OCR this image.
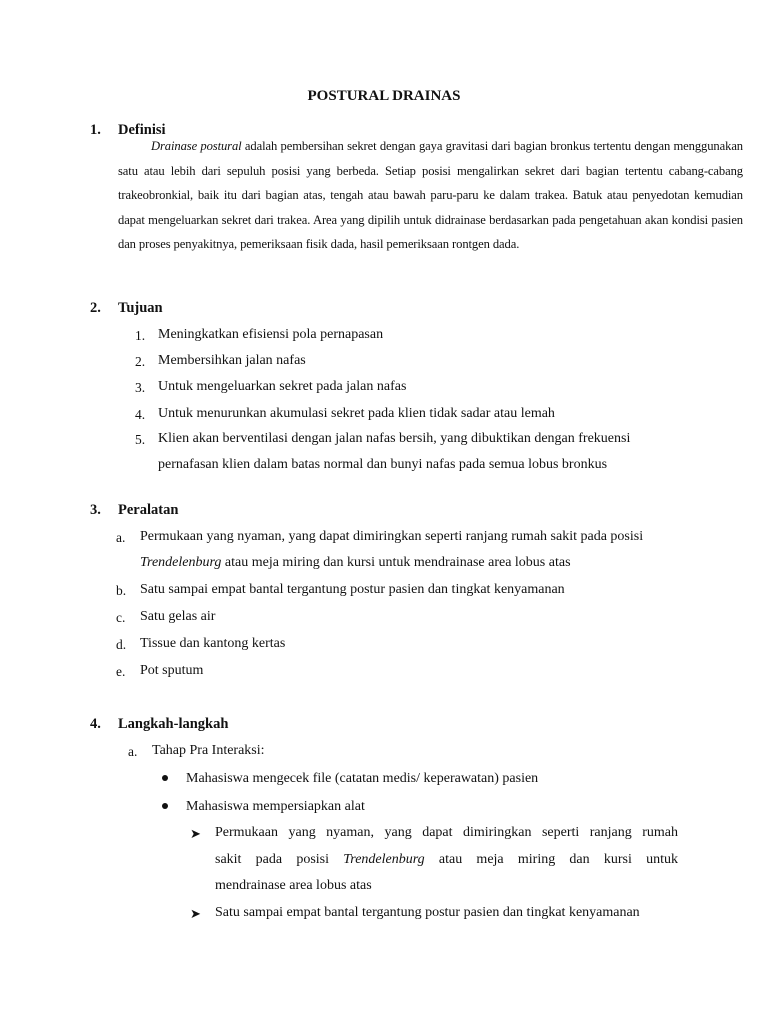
POSTURAL DRAINAS
1. Definisi
Drainase postural adalah pembersihan sekret dengan gaya gravitasi dari bagian bronkus tertentu dengan menggunakan satu atau lebih dari sepuluh posisi yang berbeda. Setiap posisi mengalirkan sekret dari bagian tertentu cabang-cabang trakeobronkial, baik itu dari bagian atas, tengah atau bawah paru-paru ke dalam trakea. Batuk atau penyedotan kemudian dapat mengeluarkan sekret dari trakea. Area yang dipilih untuk didrainase berdasarkan pada pengetahuan akan kondisi pasien dan proses penyakitnya, pemeriksaan fisik dada, hasil pemeriksaan rontgen dada.
2. Tujuan
1. Meningkatkan efisiensi pola pernapasan
2. Membersihkan jalan nafas
3. Untuk mengeluarkan sekret pada jalan nafas
4. Untuk menurunkan akumulasi sekret pada klien tidak sadar atau lemah
5. Klien akan berventilasi dengan jalan nafas bersih, yang dibuktikan dengan frekuensi
pernafasan klien dalam batas normal dan bunyi nafas pada semua lobus bronkus
3. Peralatan
a. Permukaan yang nyaman, yang dapat dimiringkan seperti ranjang rumah sakit pada posisi
Trendelenburg atau meja miring dan kursi untuk mendrainase area lobus atas
b. Satu sampai empat bantal tergantung postur pasien dan tingkat kenyamanan
c. Satu gelas air
d. Tissue dan kantong kertas
e. Pot sputum
4. Langkah-langkah
a. Tahap Pra Interaksi:
Mahasiswa mengecek file (catatan medis/ keperawatan) pasien
Mahasiswa mempersiapkan alat
➤ Permukaan yang nyaman, yang dapat dimiringkan seperti ranjang rumah
sakit pada posisi Trendelenburg atau meja miring dan kursi untuk
mendrainase area lobus atas
➤ Satu sampai empat bantal tergantung postur pasien dan tingkat kenyamanan
